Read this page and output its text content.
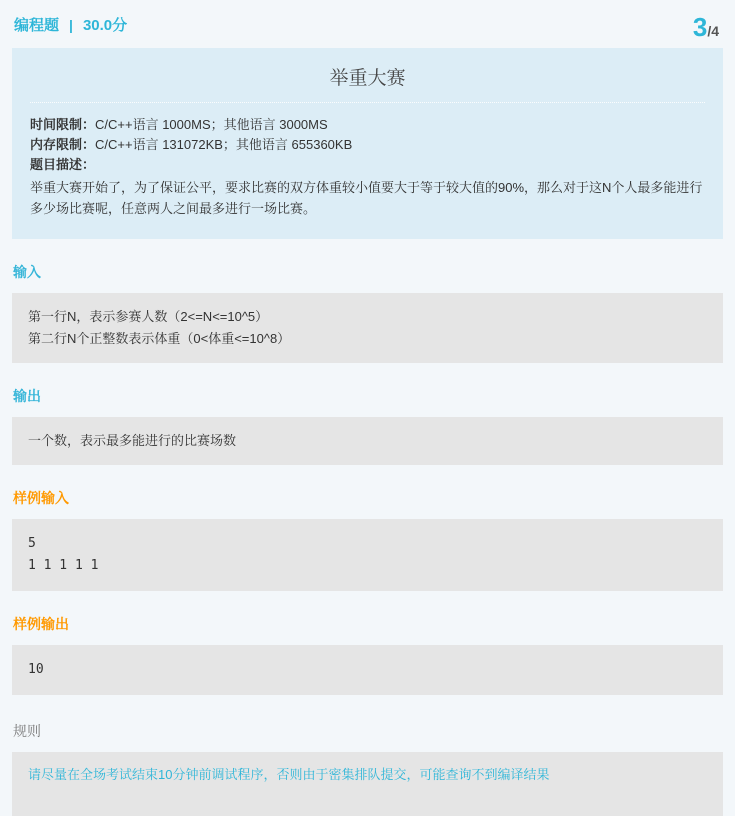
编程题 | 30.0分	3/4
举重大赛
时间限制：C/C++语言 1000MS；其他语言 3000MS
内存限制：C/C++语言 131072KB；其他语言 655360KB
题目描述：
举重大赛开始了，为了保证公平，要求比赛的双方体重较小值要大于等于较大值的90%，那么对于这N个人最多能进行多少场比赛呢，任意两人之间最多进行一场比赛。
输入
第一行N，表示参赛人数（2<=N<=10^5）
第二行N个正整数表示体重（0<体重<=10^8）
输出
一个数，表示最多能进行的比赛场数
样例输入
5
1 1 1 1 1
样例输出
10
规则
请尽量在全场考试结束10分钟前调试程序，否则由于密集排队提交，可能查询不到编译结果
